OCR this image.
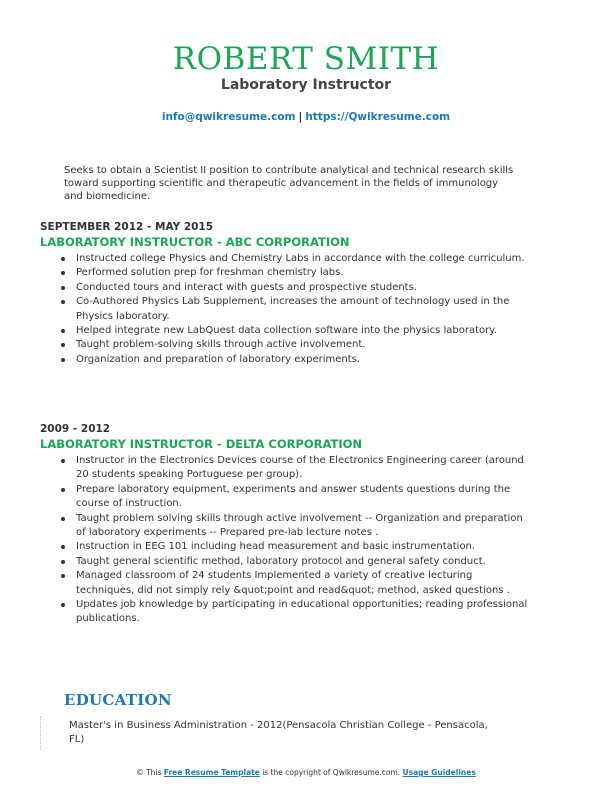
ROBERT SMITH
Laboratory Instructor
info@qwikresume.com | https://Qwikresume.com
Seeks to obtain a Scientist II position to contribute analytical and technical research skills toward supporting scientific and therapeutic advancement in the fields of immunology and biomedicine.
SEPTEMBER 2012 - MAY 2015
LABORATORY INSTRUCTOR - ABC CORPORATION
Instructed college Physics and Chemistry Labs in accordance with the college curriculum.
Performed solution prep for freshman chemistry labs.
Conducted tours and interact with guests and prospective students.
Co-Authored Physics Lab Supplement, increases the amount of technology used in the Physics laboratory.
Helped integrate new LabQuest data collection software into the physics laboratory.
Taught problem-solving skills through active involvement.
Organization and preparation of laboratory experiments.
2009 - 2012
LABORATORY INSTRUCTOR - DELTA CORPORATION
Instructor in the Electronics Devices course of the Electronics Engineering career (around 20 students speaking Portuguese per group).
Prepare laboratory equipment, experiments and answer students questions during the course of instruction.
Taught problem solving skills through active involvement -- Organization and preparation of laboratory experiments -- Prepared pre-lab lecture notes .
Instruction in EEG 101 including head measurement and basic instrumentation.
Taught general scientific method, laboratory protocol and general safety conduct.
Managed classroom of 24 students Implemented a variety of creative lecturing techniques, did not simply rely &quot;point and read&quot; method, asked questions .
Updates job knowledge by participating in educational opportunities; reading professional publications.
EDUCATION
Master's in Business Administration - 2012(Pensacola Christian College - Pensacola, FL)
© This Free Resume Template is the copyright of Qwikresume.com. Usage Guidelines
